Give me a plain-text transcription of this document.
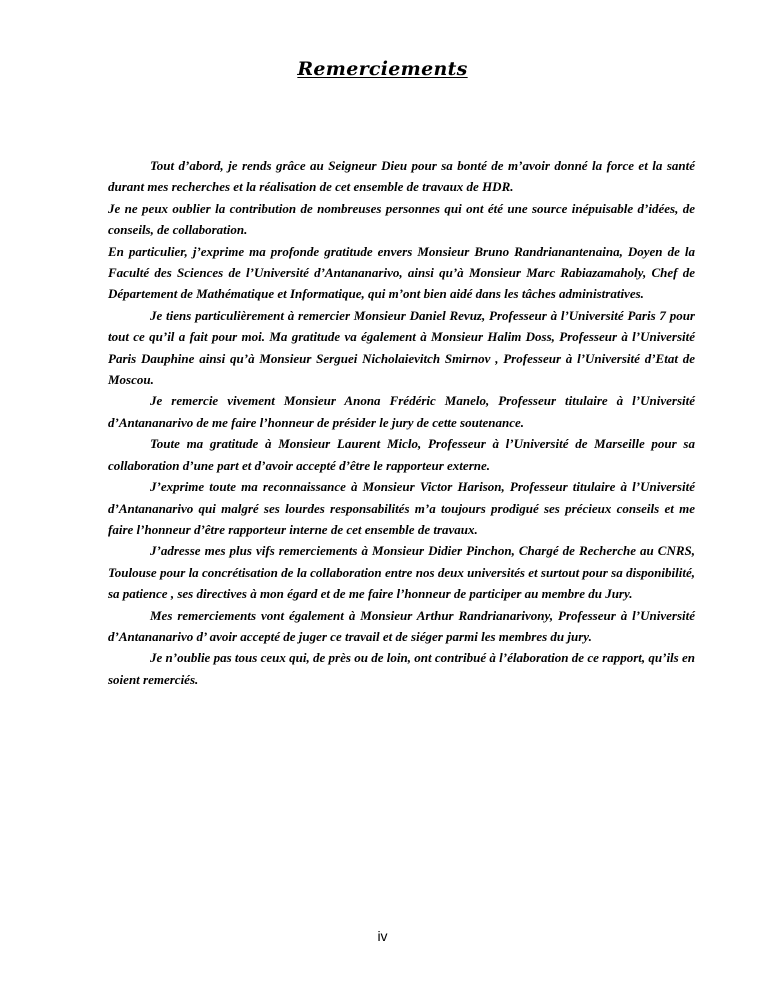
Remerciements

Tout d’abord, je rends grâce au Seigneur Dieu pour sa bonté de m’avoir donné la force et la santé durant mes recherches et la réalisation de cet ensemble de travaux de HDR.

Je ne peux oublier la contribution de nombreuses personnes qui ont été une source inépuisable d’idées, de conseils, de collaboration.

En particulier, j’exprime ma profonde gratitude envers Monsieur Bruno Randrianantenaina, Doyen de la Faculté des Sciences de l’Université d’Antananarivo, ainsi qu’à Monsieur Marc Rabiazamaholy, Chef de Département de Mathématique et Informatique, qui m’ont bien aidé dans les tâches administratives.

Je tiens particulièrement à remercier Monsieur Daniel Revuz, Professeur à l’Université Paris 7 pour tout ce qu’il a fait pour moi. Ma gratitude va également à Monsieur Halim Doss, Professeur à l’Université Paris Dauphine ainsi qu’à Monsieur Serguei Nicholaievitch Smirnov , Professeur à l’Université d’Etat de Moscou.

Je remercie vivement Monsieur Anona Frédéric Manelo, Professeur titulaire à l’Université d’Antananarivo de me faire l’honneur de présider le jury de cette soutenance.

Toute ma gratitude à Monsieur Laurent Miclo, Professeur à l’Université de Marseille pour sa collaboration d’une part et d’avoir accepté d’être le rapporteur externe.

J’exprime toute ma reconnaissance à Monsieur Victor Harison, Professeur titulaire à l’Université d’Antananarivo qui malgré ses lourdes responsabilités m’a toujours prodigué ses précieux conseils et me faire l’honneur d’être rapporteur interne de cet ensemble de travaux.

J’adresse mes plus vifs remerciements à Monsieur Didier Pinchon, Chargé de Recherche au CNRS, Toulouse pour la concrétisation de la collaboration entre nos deux universités et surtout pour sa disponibilité, sa patience , ses directives à mon égard et de me faire l’honneur de participer au membre du Jury.

Mes remerciements vont également à Monsieur Arthur Randrianarivony, Professeur à l’Université d’Antananarivo d’ avoir accepté de juger ce travail et de siéger parmi les membres du jury.

Je n’oublie pas tous ceux qui, de près ou de loin, ont contribué à l’élaboration de ce rapport, qu’ils en soient remerciés.

iv
